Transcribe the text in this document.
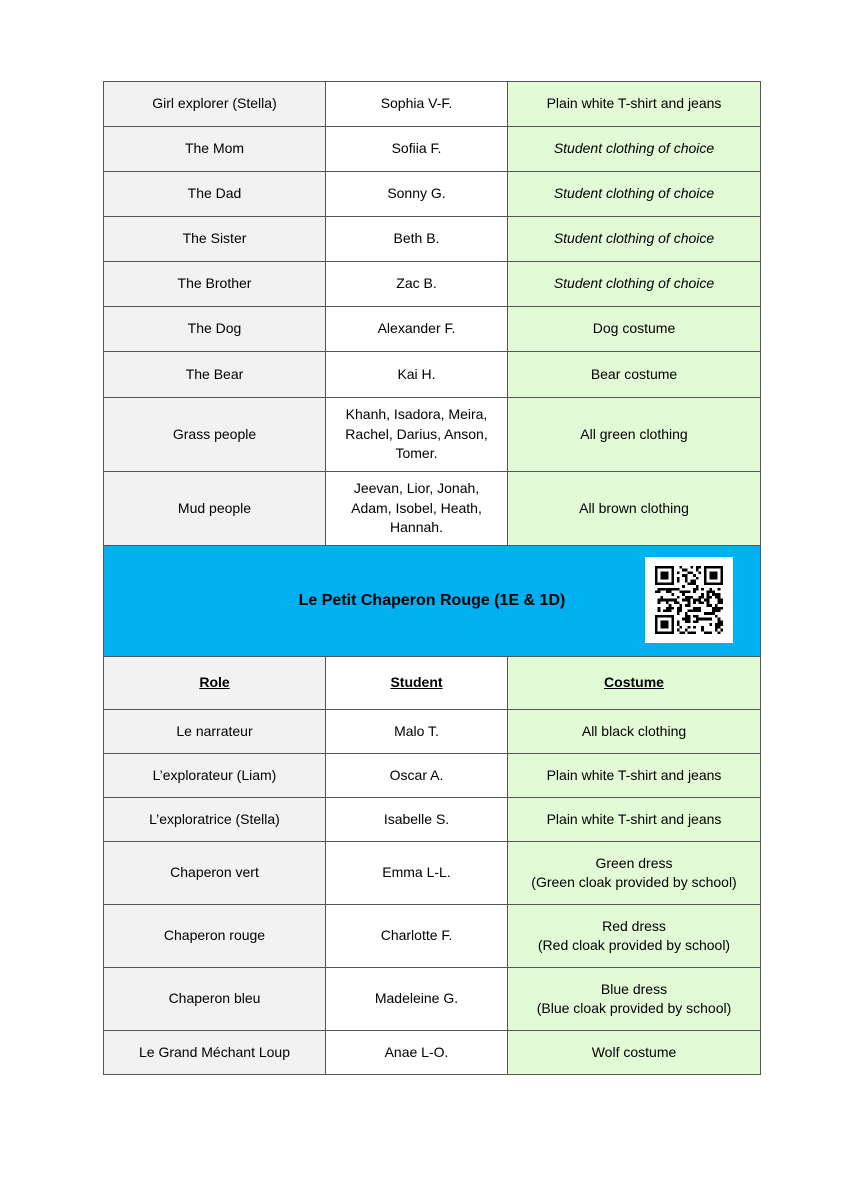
Girl explorer (Stella)	Sophia V-F.	Plain white T-shirt and jeans
The Mom	Sofiia F.	Student clothing of choice
The Dad	Sonny G.	Student clothing of choice
The Sister	Beth B.	Student clothing of choice
The Brother	Zac B.	Student clothing of choice
The Dog	Alexander F.	Dog costume
The Bear	Kai H.	Bear costume
Grass people	Khanh, Isadora, Meira,
Rachel, Darius, Anson,
Tomer.	All green clothing
Mud people	Jeevan, Lior, Jonah,
Adam, Isobel, Heath,
Hannah.	All brown clothing
Le Petit Chaperon Rouge (1E & 1D)		

Role	Student	Costume
Le narrateur	Malo T.	All black clothing
L’explorateur (Liam)	Oscar A.	Plain white T-shirt and jeans
L’exploratrice (Stella)	Isabelle S.	Plain white T-shirt and jeans
Chaperon vert	Emma L-L.	Green dress
(Green cloak provided by school)
Chaperon rouge	Charlotte F.	Red dress
(Red cloak provided by school)
Chaperon bleu	Madeleine G.	Blue dress
(Blue cloak provided by school)
Le Grand Méchant Loup	Anae L-O.	Wolf costume
